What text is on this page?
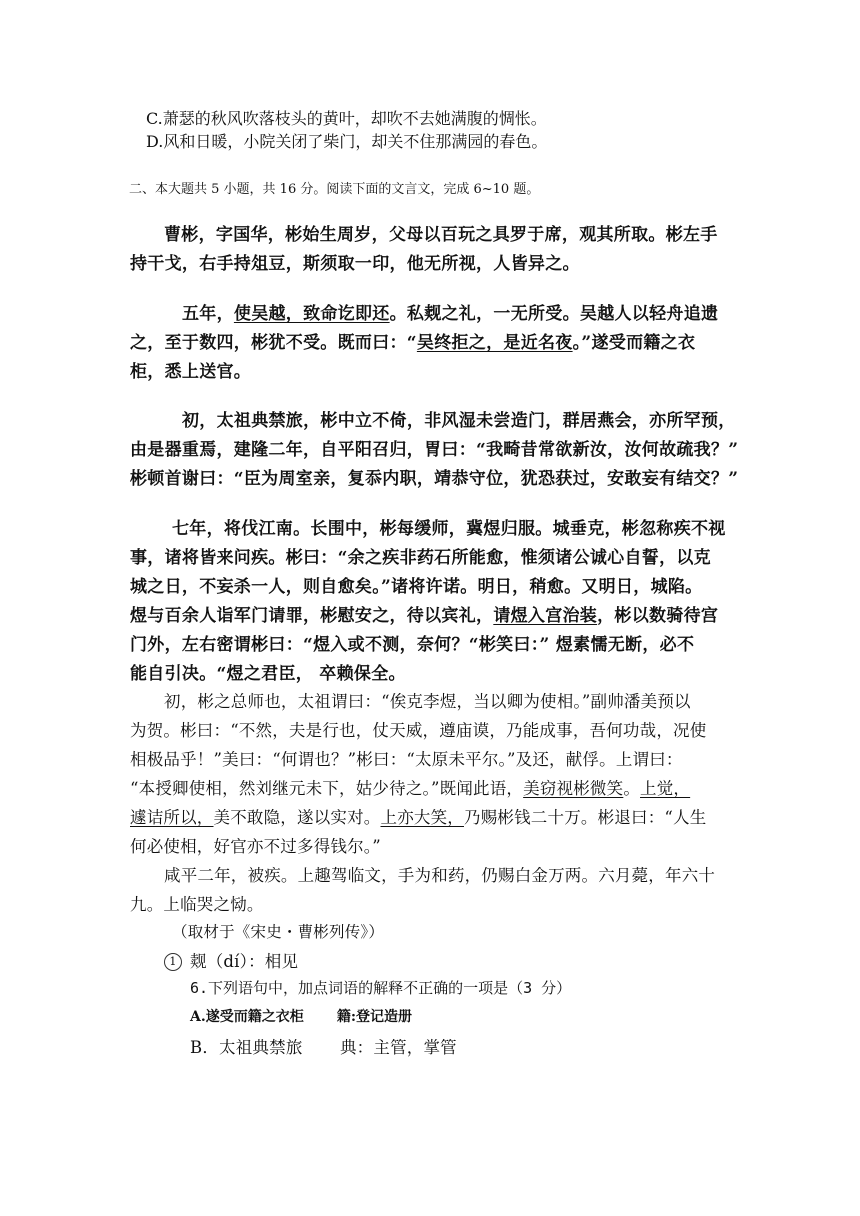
C.萧瑟的秋风吹落枝头的黄叶，却吹不去她满腹的惆怅。
D.风和日暖，小院关闭了柴门，却关不住那满园的春色。
二、本大题共 5 小题，共 16 分。阅读下面的文言文，完成 6~10 题。
曹彬，字国华，彬始生周岁，父母以百玩之具罗于席，观其所取。彬左手
持干戈，右手持俎豆，斯须取一印，他无所视，人皆异之。
五年，使吴越，致命讫即还。私觌之礼，一无所受。吴越人以轻舟追遗
之，至于数四，彬犹不受。既而曰：“吴终拒之，是近名夜。”遂受而籍之衣
柜，悉上送官。
初，太祖典禁旅，彬中立不倚，非风湿未尝造门，群居燕会，亦所罕预，
由是器重焉，建隆二年，自平阳召归，胃曰：“我畸昔常欲新汝，汝何故疏我？”
彬顿首谢曰：“臣为周室亲，复忝内职，靖恭守位，犹恐获过，安敢妄有结交？”
七年，将伐江南。长围中，彬每缓师，冀煜归服。城垂克，彬忽称疾不视
事，诸将皆来问疾。彬曰：“余之疾非药石所能愈，惟须诸公诚心自誓，以克
城之日，不妄杀一人，则自愈矣。”诸将许诺。明日，稍愈。又明日，城陷。
煜与百余人诣军门请罪，彬慰安之，待以宾礼，请煜入宫治装，彬以数骑待宫
门外，左右密谓彬曰：“煜入或不测，奈何？“彬笑曰：” 煜素懦无断，必不
能自引决。“煜之君臣， 卒赖保全。
初，彬之总师也，太祖谓曰：“俟克李煜，当以卿为使相。”副帅潘美预以
为贺。彬曰：“不然，夫是行也，仗天威，遵庙谟，乃能成事，吾何功哉，况使
相极品乎！”美曰：“何谓也？”彬曰：“太原未平尔。”及还，献俘。上谓曰：
“本授卿使相，然刘继元未下，姑少待之。”既闻此语，美窃视彬微笑。上觉，
遽诘所以，美不敢隐，遂以实对。上亦大笑，乃赐彬钱二十万。彬退曰：“人生
何必使相，好官亦不过多得钱尔。”
咸平二年，被疾。上趣驾临文，手为和药，仍赐白金万两。六月薨，年六十
九。上临哭之恸。
（取材于《宋史・曹彬列传》）
1 觌（dí）：相见
6.下列语句中，加点词语的解释不正确的一项是（3 分）
A.遂受而籍之衣柜 籍:登记造册
B．太祖典禁旅 典：主管，掌管
